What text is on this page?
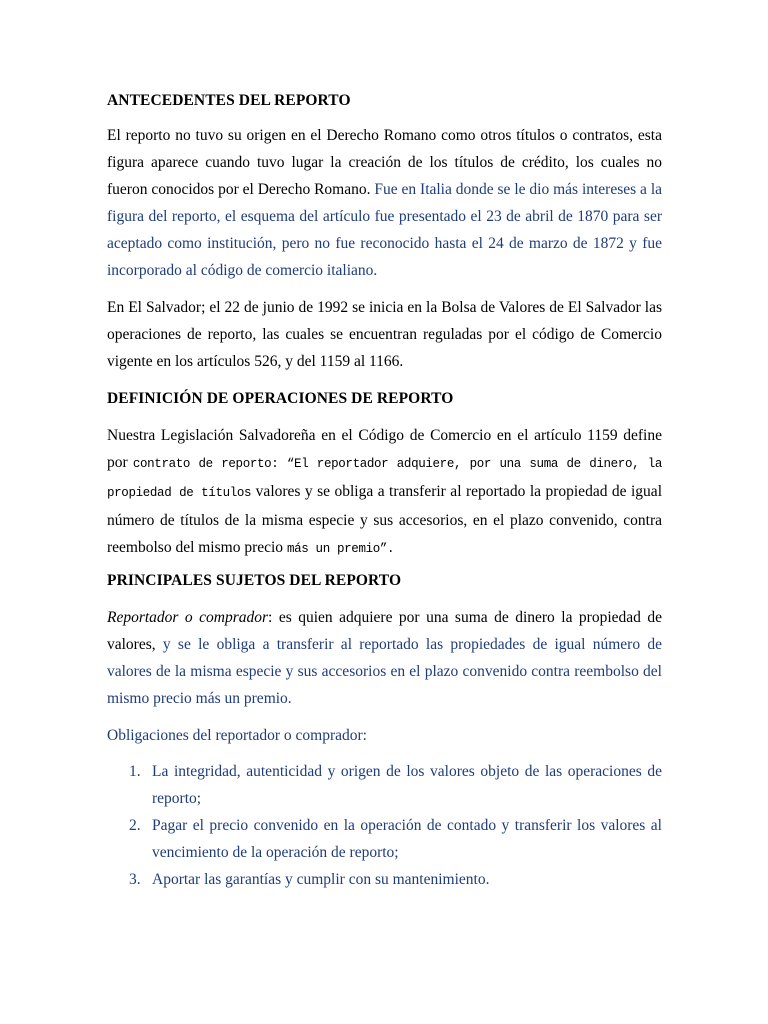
ANTECEDENTES DEL REPORTO

El reporto no tuvo su origen en el Derecho Romano como otros títulos o contratos, esta figura aparece cuando tuvo lugar la creación de los títulos de crédito, los cuales no fueron conocidos por el Derecho Romano. Fue en Italia donde se le dio más intereses a la figura del reporto, el esquema del artículo fue presentado el 23 de abril de 1870 para ser aceptado como institución, pero no fue reconocido hasta el 24 de marzo de 1872 y fue incorporado al código de comercio italiano.

En El Salvador; el 22 de junio de 1992 se inicia en la Bolsa de Valores de El Salvador las operaciones de reporto, las cuales se encuentran reguladas por el código de Comercio vigente en los artículos 526, y del 1159 al 1166.

DEFINICIÓN DE OPERACIONES DE REPORTO

Nuestra Legislación Salvadoreña en el Código de Comercio en el artículo 1159 define por contrato de reporto: “El reportador adquiere, por una suma de dinero, la propiedad de títulos valores y se obliga a transferir al reportado la propiedad de igual número de títulos de la misma especie y sus accesorios, en el plazo convenido, contra reembolso del mismo precio más un premio”.

PRINCIPALES SUJETOS DEL REPORTO

Reportador o comprador: es quien adquiere por una suma de dinero la propiedad de valores, y se le obliga a transferir al reportado las propiedades de igual número de valores de la misma especie y sus accesorios en el plazo convenido contra reembolso del mismo precio más un premio.

Obligaciones del reportador o comprador:

1. La integridad, autenticidad y origen de los valores objeto de las operaciones de reporto;
2. Pagar el precio convenido en la operación de contado y transferir los valores al vencimiento de la operación de reporto;
3. Aportar las garantías y cumplir con su mantenimiento.
